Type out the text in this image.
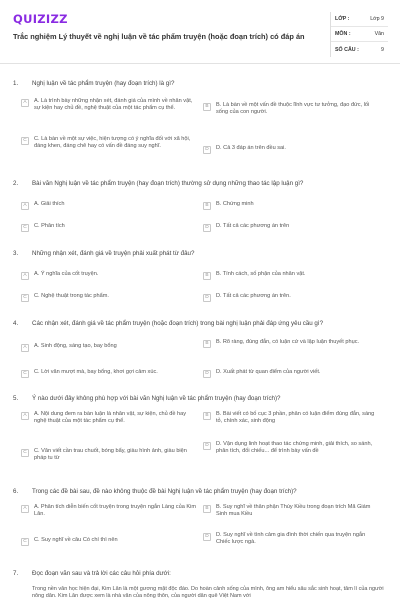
QUIZIZZ
Trắc nghiệm Lý thuyết về nghị luận về tác phẩm truyện (hoặc đoạn trích) có đáp án
LỚP :	Lớp 9
MÔN :	Văn
SỐ CÂU :	9
1.	Nghị luận về tác phẩm truyện (hay đoạn trích) là gì?
A	A. Là trình bày những nhận xét, đánh giá của mình về nhân vật, sự kiện hay chủ đề, nghệ thuật của một tác phẩm cụ thể.	B	B. Là bàn về một vấn đề thuộc lĩnh vực tư tưởng, đạo đức, lối sống của con người.
C	C. Là bàn về một sự việc, hiện tượng có ý nghĩa đối với xã hội, đáng khen, đáng chê hay có vấn đề đáng suy nghĩ.
D	D. Cả 3 đáp án trên đều sai.
2.	Bài văn Nghị luận về tác phẩm truyện (hay đoạn trích) thường sử dụng những thao tác lập luận gì?
A	A. Giải thích	B	B. Chứng minh
C	C. Phân tích	D	D. Tất cả các phương án trên
3.	Những nhận xét, đánh giá về truyện phải xuất phát từ đâu?
A	A. Ý nghĩa của cốt truyện.	B	B. Tính cách, số phận của nhân vật.
C	C. Nghệ thuật trong tác phẩm.	D	D. Tất cả các phương án trên.
4.	Các nhận xét, đánh giá về tác phẩm truyện (hoặc đoạn trích) trong bài nghị luận phải đáp ứng yêu cầu gì?
A	A. Sinh động, sáng tạo, bay bổng	B	B. Rõ ràng, đúng đắn, có luận cứ và lập luận thuyết phục.
C	C. Lời văn mượt mà, bay bổng, khơi gợi cảm xúc.	D	D. Xuất phát từ quan điểm của người viết.
5.	Ý nào dưới đây không phù hợp với bài văn Nghị luận về tác phẩm truyện (hay đoạn trích)?
A	A. Nội dung đem ra bàn luận là nhân vật, sự kiện, chủ đề hay nghệ thuật của một tác phẩm cụ thể.
B	B. Bài viết có bố cục 3 phần, phân có luận điểm đúng đắn, sáng tỏ, chính xác, sinh động
C	C. Văn viết cần trau chuốt, bóng bẩy, giàu hình ảnh, giàu biện pháp tu từ
D	D. Vận dụng linh hoạt thao tác chứng minh, giải thích, so sánh, phân tích, đối chiếu... để trình bày vấn đề
6.	Trong các đề bài sau, đề nào không thuộc đề bài Nghị luận về tác phẩm truyện (hay đoạn trích)?
A	A. Phân tích diễn biến cốt truyện trong truyện ngắn Làng của Kim Lân.
B	B. Suy nghĩ về thân phận Thúy Kiều trong đoạn trích Mã Giám Sinh mua Kiều
C	C. Suy nghĩ về câu Có chí thì nên
D	D. Suy nghĩ về tình cảm gia đình thời chiến qua truyện ngắn Chiếc lược ngà.
7.	Đọc đoạn văn sau và trả lời các câu hỏi phía dưới:
Trong nền văn học hiện đại, Kim Lân là một gương mặt độc đáo. Do hoàn cảnh sống của mình, ông am hiểu sâu sắc sinh hoạt, tâm lí của người nông dân. Kim Lân được xem là nhà văn của nông thôn, của người dân quê Việt Nam với
